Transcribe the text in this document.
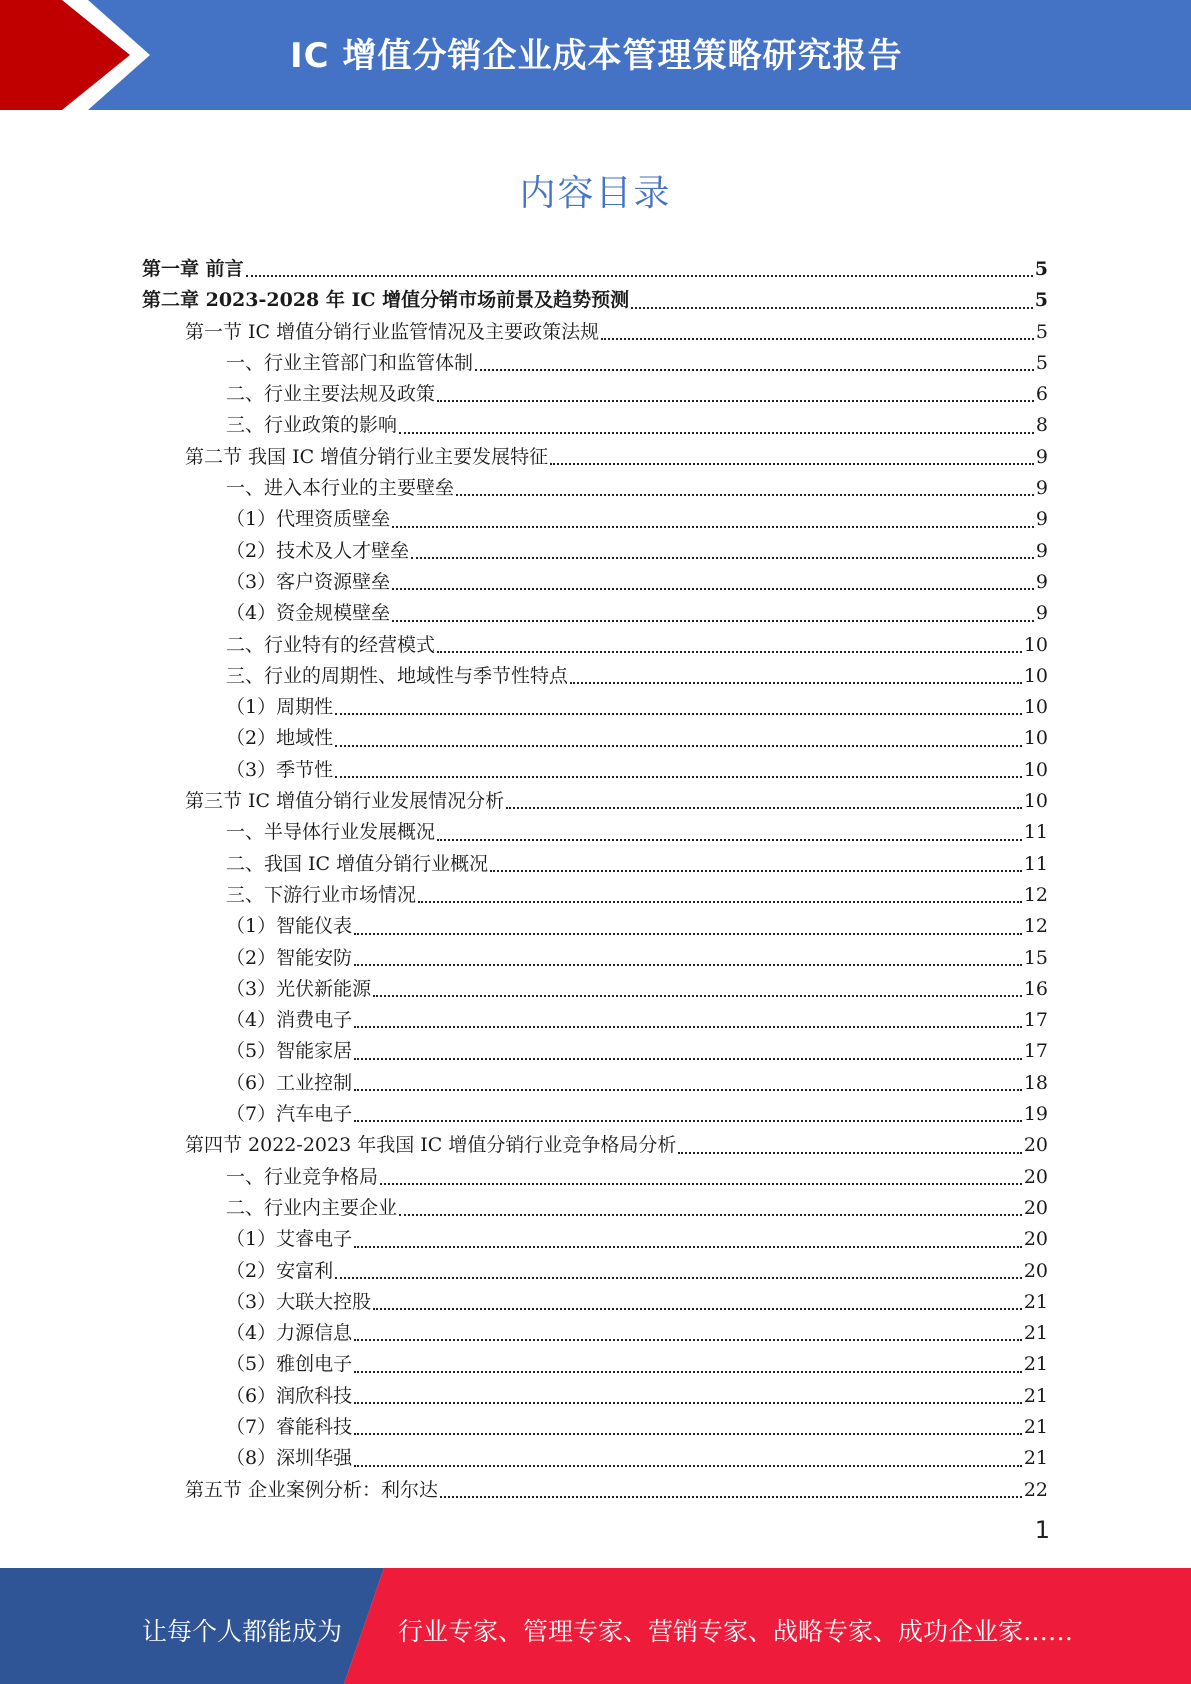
IC 增值分销企业成本管理策略研究报告
内容目录
第一章 前言	5
第二章 2023-2028 年 IC 增值分销市场前景及趋势预测	5
第一节 IC 增值分销行业监管情况及主要政策法规	5
一、行业主管部门和监管体制	5
二、行业主要法规及政策	6
三、行业政策的影响	8
第二节 我国 IC 增值分销行业主要发展特征	9
一、进入本行业的主要壁垒	9
（1）代理资质壁垒	9
（2）技术及人才壁垒	9
（3）客户资源壁垒	9
（4）资金规模壁垒	9
二、行业特有的经营模式	10
三、行业的周期性、地域性与季节性特点	10
（1）周期性	10
（2）地域性	10
（3）季节性	10
第三节 IC 增值分销行业发展情况分析	10
一、半导体行业发展概况	11
二、我国 IC 增值分销行业概况	11
三、下游行业市场情况	12
（1）智能仪表	12
（2）智能安防	15
（3）光伏新能源	16
（4）消费电子	17
（5）智能家居	17
（6）工业控制	18
（7）汽车电子	19
第四节 2022-2023 年我国 IC 增值分销行业竞争格局分析	20
一、行业竞争格局	20
二、行业内主要企业	20
（1）艾睿电子	20
（2）安富利	20
（3）大联大控股	21
（4）力源信息	21
（5）雅创电子	21
（6）润欣科技	21
（7）睿能科技	21
（8）深圳华强	21
第五节 企业案例分析：利尔达	22
1
让每个人都能成为 行业专家、管理专家、营销专家、战略专家、成功企业家……
